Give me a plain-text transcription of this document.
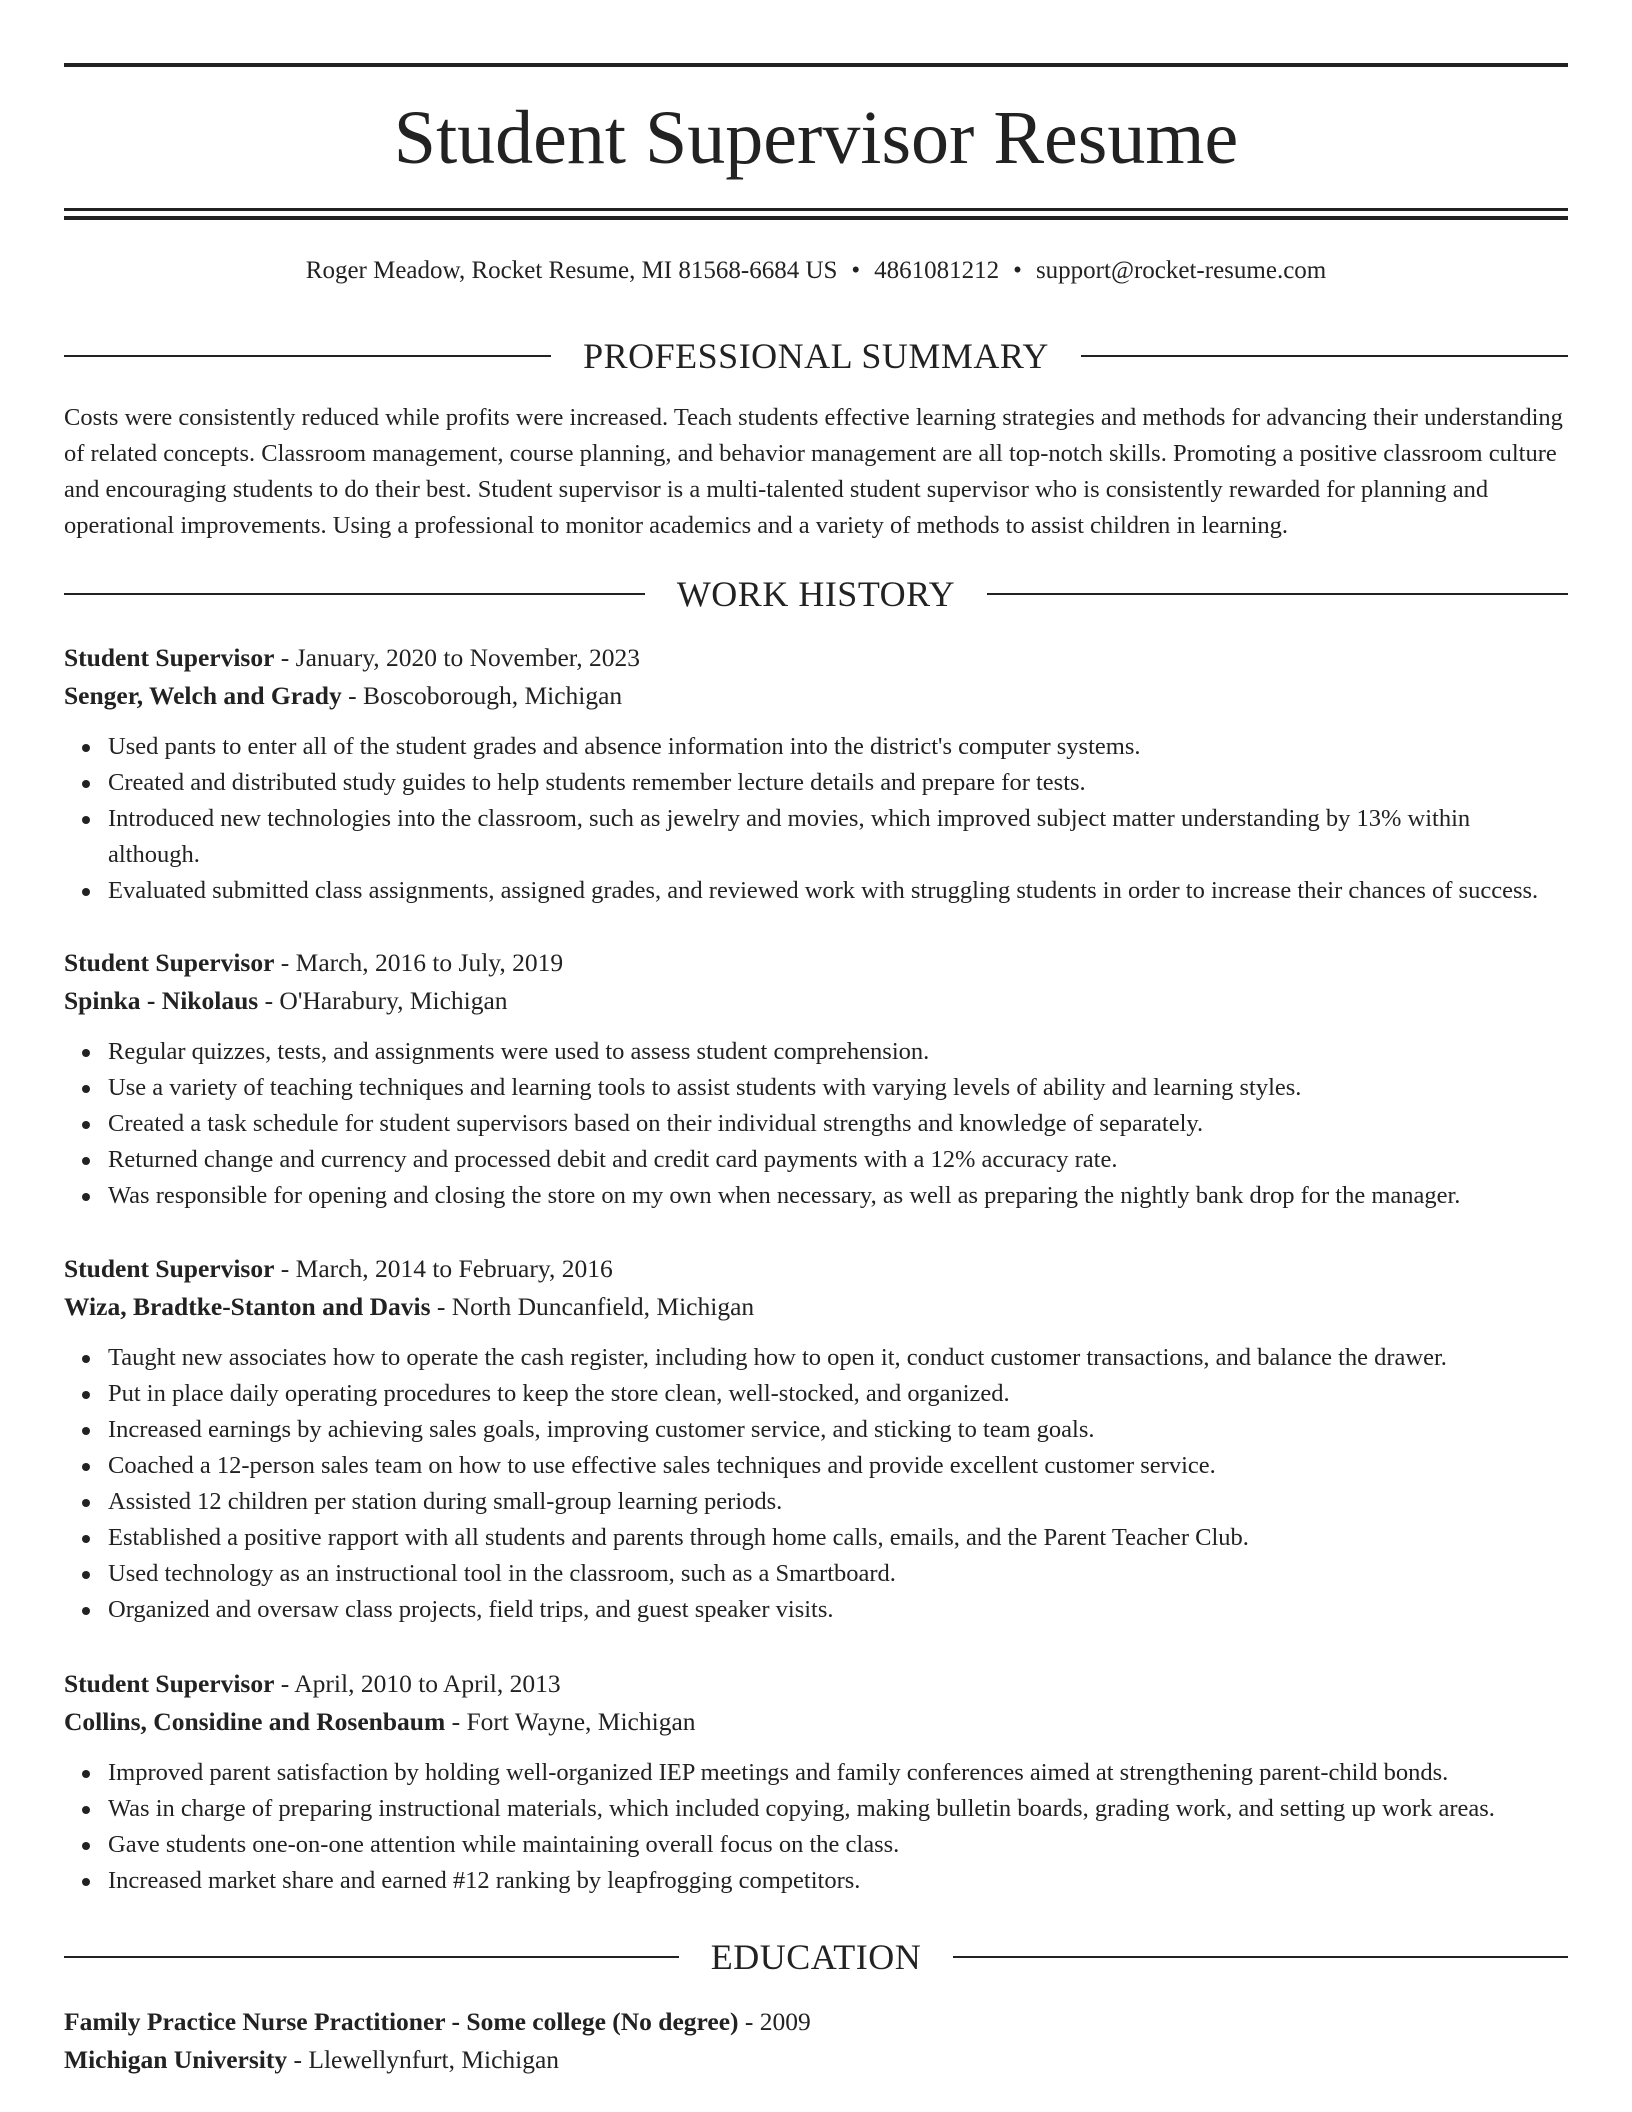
Student Supervisor Resume
Roger Meadow, Rocket Resume, MI 81568-6684 US • 4861081212 • support@rocket-resume.com
PROFESSIONAL SUMMARY

Costs were consistently reduced while profits were increased. Teach students effective learning strategies and methods for advancing their understanding of related concepts. Classroom management, course planning, and behavior management are all top-notch skills. Promoting a positive classroom culture and encouraging students to do their best. Student supervisor is a multi-talented student supervisor who is consistently rewarded for planning and operational improvements. Using a professional to monitor academics and a variety of methods to assist children in learning.

WORK HISTORY
Student Supervisor - January, 2020 to November, 2023
Senger, Welch and Grady - Boscoborough, Michigan
Used pants to enter all of the student grades and absence information into the district's computer systems.
Created and distributed study guides to help students remember lecture details and prepare for tests.
Introduced new technologies into the classroom, such as jewelry and movies, which improved subject matter understanding by 13% within although.
Evaluated submitted class assignments, assigned grades, and reviewed work with struggling students in order to increase their chances of success.
Student Supervisor - March, 2016 to July, 2019
Spinka - Nikolaus - O'Harabury, Michigan
Regular quizzes, tests, and assignments were used to assess student comprehension.
Use a variety of teaching techniques and learning tools to assist students with varying levels of ability and learning styles.
Created a task schedule for student supervisors based on their individual strengths and knowledge of separately.
Returned change and currency and processed debit and credit card payments with a 12% accuracy rate.
Was responsible for opening and closing the store on my own when necessary, as well as preparing the nightly bank drop for the manager.
Student Supervisor - March, 2014 to February, 2016
Wiza, Bradtke-Stanton and Davis - North Duncanfield, Michigan
Taught new associates how to operate the cash register, including how to open it, conduct customer transactions, and balance the drawer.
Put in place daily operating procedures to keep the store clean, well-stocked, and organized.
Increased earnings by achieving sales goals, improving customer service, and sticking to team goals.
Coached a 12-person sales team on how to use effective sales techniques and provide excellent customer service.
Assisted 12 children per station during small-group learning periods.
Established a positive rapport with all students and parents through home calls, emails, and the Parent Teacher Club.
Used technology as an instructional tool in the classroom, such as a Smartboard.
Organized and oversaw class projects, field trips, and guest speaker visits.
Student Supervisor - April, 2010 to April, 2013
Collins, Considine and Rosenbaum - Fort Wayne, Michigan
Improved parent satisfaction by holding well-organized IEP meetings and family conferences aimed at strengthening parent-child bonds.
Was in charge of preparing instructional materials, which included copying, making bulletin boards, grading work, and setting up work areas.
Gave students one-on-one attention while maintaining overall focus on the class.
Increased market share and earned #12 ranking by leapfrogging competitors.
EDUCATION
Family Practice Nurse Practitioner - Some college (No degree) - 2009
Michigan University - Llewellynfurt, Michigan
